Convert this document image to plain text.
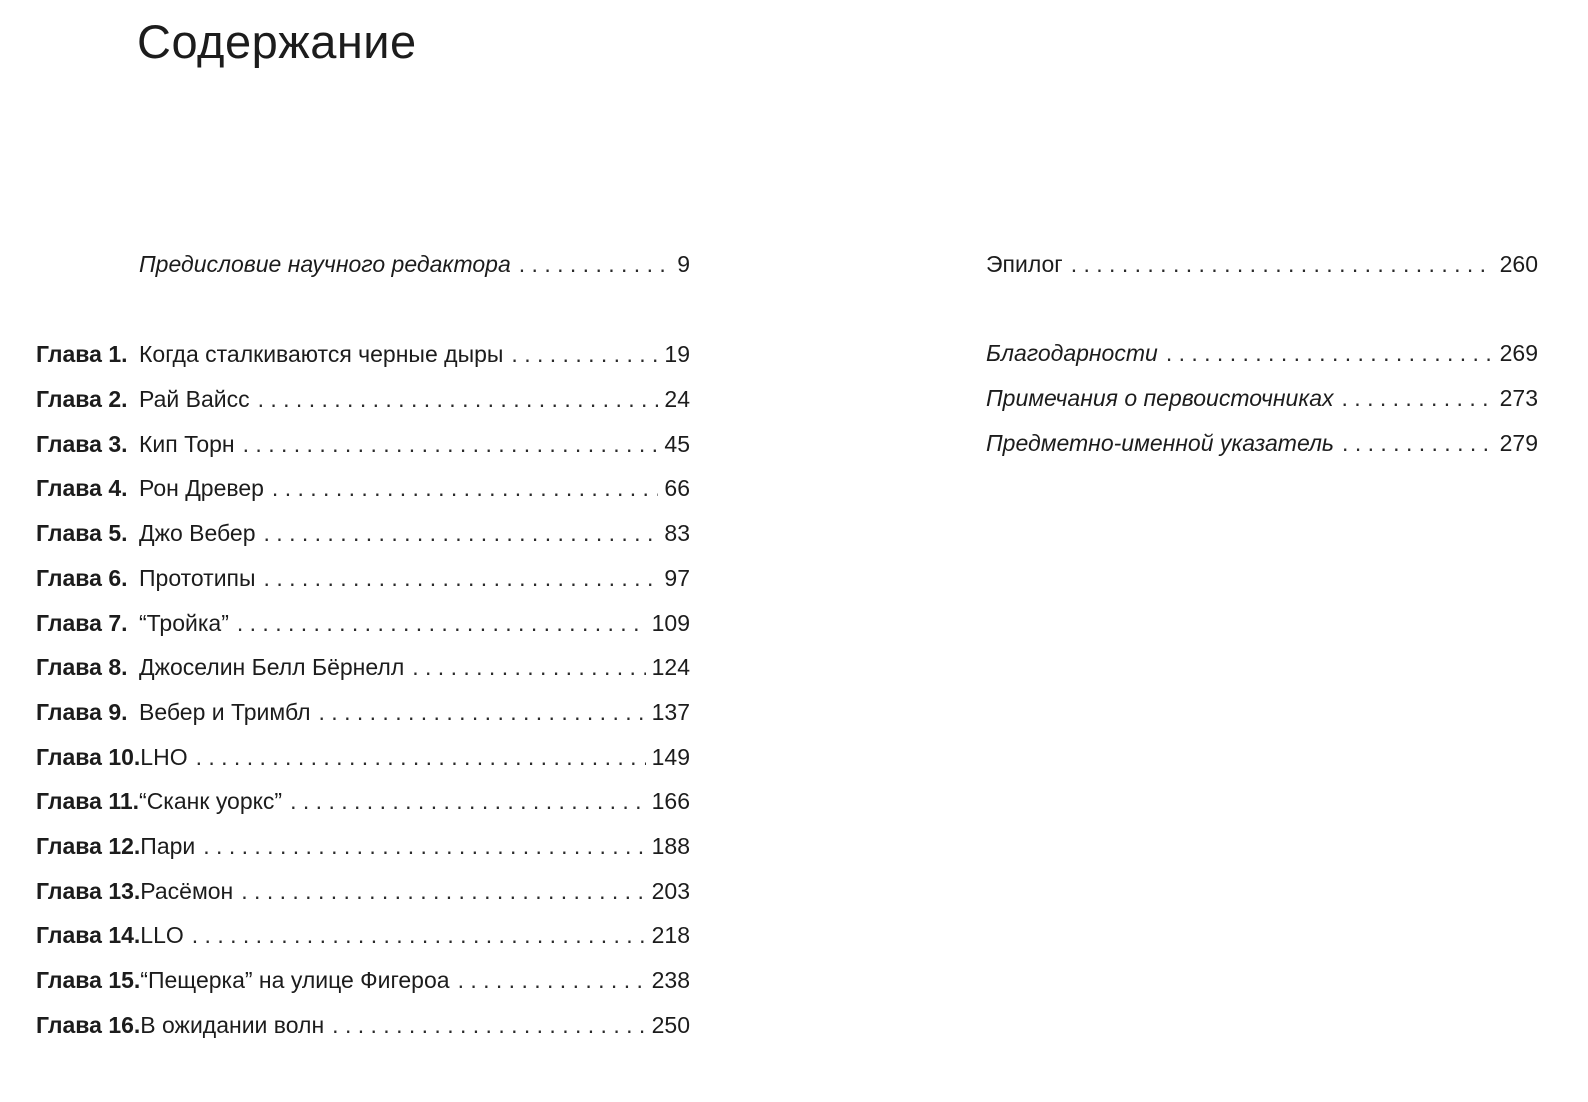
Содержание
Предисловие научного редактора . . .	9
Глава 1. Когда сталкиваются черные дыры . . .	19
Глава 2. Рай Вайсс . . .	24
Глава 3. Кип Торн . . .	45
Глава 4. Рон Древер . . .	66
Глава 5. Джо Вебер . . .	83
Глава 6. Прототипы . . .	97
Глава 7. “Тройка” . . .	109
Глава 8. Джоселин Белл Бёрнелл . . .	124
Глава 9. Вебер и Тримбл . . .	137
Глава 10. LHO . . .	149
Глава 11. “Сканк уоркс” . . .	166
Глава 12. Пари . . .	188
Глава 13. Расёмон . . .	203
Глава 14. LLO . . .	218
Глава 15. “Пещерка” на улице Фигероа . . .	238
Глава 16. В ожидании волн . . .	250
Эпилог . . .	260
Благодарности . . .	269
Примечания о первоисточниках . . .	273
Предметно-именной указатель . . .	279
